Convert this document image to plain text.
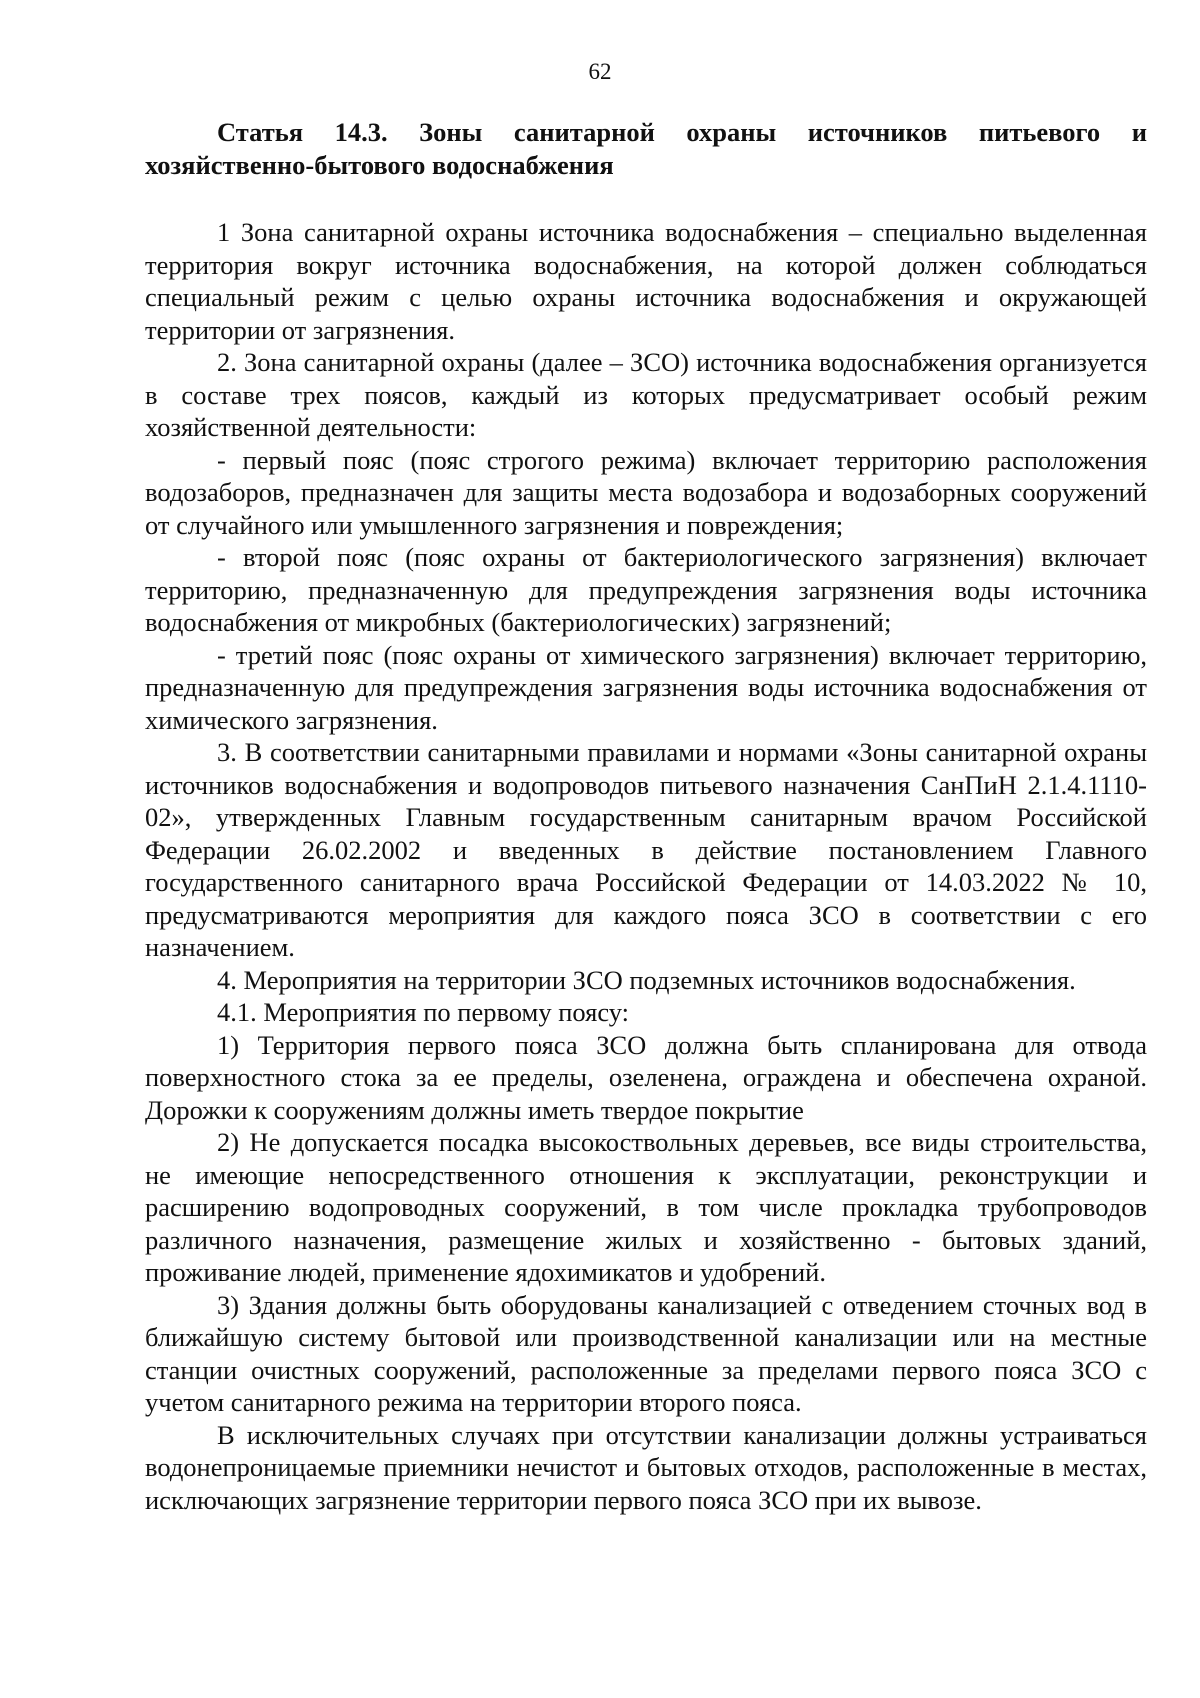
62

Статья 14.3. Зоны санитарной охраны источников питьевого и хозяйственно-бытового водоснабжения

1 Зона санитарной охраны источника водоснабжения – специально выделенная территория вокруг источника водоснабжения, на которой должен соблюдаться специальный режим с целью охраны источника водоснабжения и окружающей территории от загрязнения.

2. Зона санитарной охраны (далее – ЗСО) источника водоснабжения организуется в составе трех поясов, каждый из которых предусматривает особый режим хозяйственной деятельности:

- первый пояс (пояс строгого режима) включает территорию расположения водозаборов, предназначен для защиты места водозабора и водозаборных сооружений от случайного или умышленного загрязнения и повреждения;

- второй пояс (пояс охраны от бактериологического загрязнения) включает территорию, предназначенную для предупреждения загрязнения воды источника водоснабжения от микробных (бактериологических) загрязнений;

- третий пояс (пояс охраны от химического загрязнения) включает территорию, предназначенную для предупреждения загрязнения воды источника водоснабжения от химического загрязнения.

3. В соответствии санитарными правилами и нормами «Зоны санитарной охраны источников водоснабжения и водопроводов питьевого назначения СанПиН 2.1.4.1110-02», утвержденных Главным государственным санитарным врачом Российской Федерации 26.02.2002 и введенных в действие постановлением Главного государственного санитарного врача Российской Федерации от 14.03.2022 № 10, предусматриваются мероприятия для каждого пояса ЗСО в соответствии с его назначением.

4. Мероприятия на территории ЗСО подземных источников водоснабжения.

4.1. Мероприятия по первому поясу:

1) Территория первого пояса ЗСО должна быть спланирована для отвода поверхностного стока за ее пределы, озеленена, ограждена и обеспечена охраной. Дорожки к сооружениям должны иметь твердое покрытие

2) Не допускается посадка высокоствольных деревьев, все виды строительства, не имеющие непосредственного отношения к эксплуатации, реконструкции и расширению водопроводных сооружений, в том числе прокладка трубопроводов различного назначения, размещение жилых и хозяйственно - бытовых зданий, проживание людей, применение ядохимикатов и удобрений.

3) Здания должны быть оборудованы канализацией с отведением сточных вод в ближайшую систему бытовой или производственной канализации или на местные станции очистных сооружений, расположенные за пределами первого пояса ЗСО с учетом санитарного режима на территории второго пояса.

В исключительных случаях при отсутствии канализации должны устраиваться водонепроницаемые приемники нечистот и бытовых отходов, расположенные в местах, исключающих загрязнение территории первого пояса ЗСО при их вывозе.
